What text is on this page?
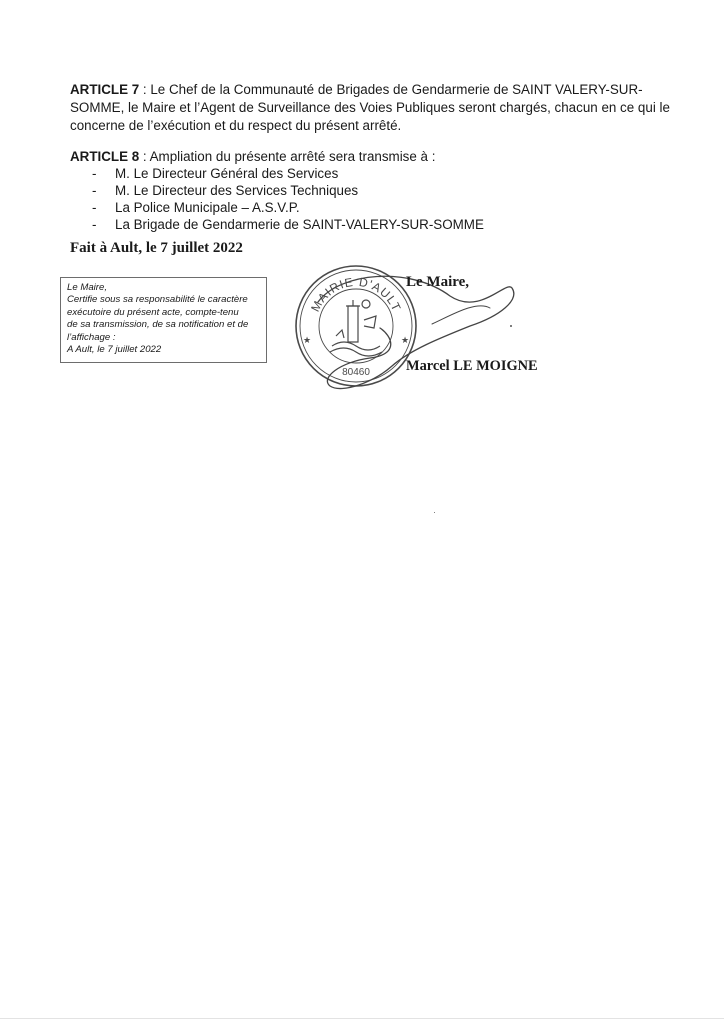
ARTICLE 7 : Le Chef de la Communauté de Brigades de Gendarmerie de SAINT VALERY-SUR-SOMME, le Maire et l’Agent de Surveillance des Voies Publiques seront chargés, chacun en ce qui le concerne de l’exécution et du respect du présent arrêté.

ARTICLE 8 : Ampliation du présente arrêté sera transmise à :

- M. Le Directeur Général des Services
- M. Le Directeur des Services Techniques
- La Police Municipale – A.S.V.P.
- La Brigade de Gendarmerie de SAINT-VALERY-SUR-SOMME
Fait à Ault, le 7 juillet 2022
Le Maire,
Certifie sous sa responsabilité le caractère
exécutoire du présent acte, compte-tenu
de sa transmission, de sa notification et de
l’affichage :
A Ault, le 7 juillet 2022
MAIRIE D'AULT
80460
★	★
Le Maire,
Marcel LE MOIGNE
